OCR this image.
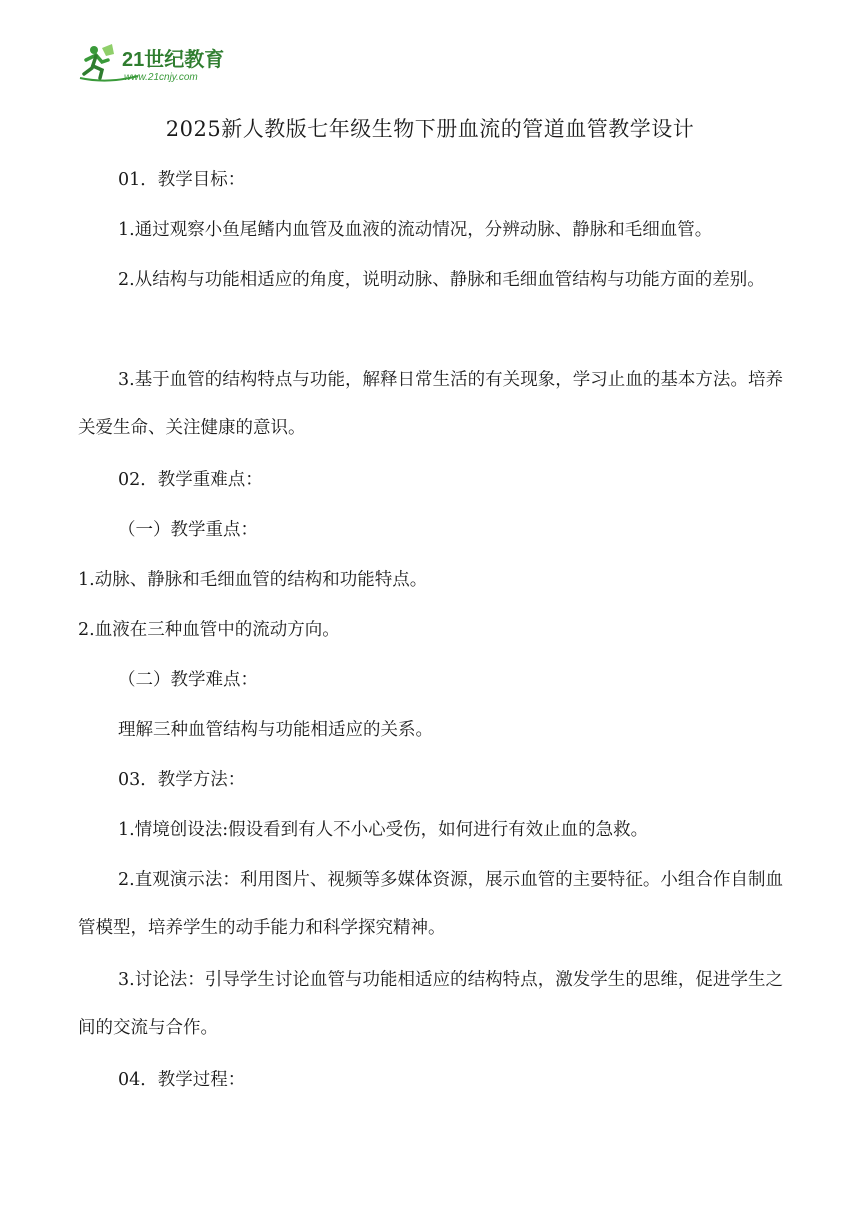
21世纪教育
www.21cnjy.com
2025新人教版七年级生物下册血流的管道血管教学设计

01．教学目标：

1.通过观察小鱼尾鳍内血管及血液的流动情况，分辨动脉、静脉和毛细血管。

2.从结构与功能相适应的角度，说明动脉、静脉和毛细血管结构与功能方面的差别。

3.基于血管的结构特点与功能，解释日常生活的有关现象，学习止血的基本方法。培养关爱生命、关注健康的意识。

02．教学重难点：

（一）教学重点：

1.动脉、静脉和毛细血管的结构和功能特点。

2.血液在三种血管中的流动方向。

（二）教学难点：

理解三种血管结构与功能相适应的关系。

03．教学方法：

1.情境创设法:假设看到有人不小心受伤，如何进行有效止血的急救。

2.直观演示法：利用图片、视频等多媒体资源，展示血管的主要特征。小组合作自制血管模型，培养学生的动手能力和科学探究精神。

3.讨论法：引导学生讨论血管与功能相适应的结构特点，激发学生的思维，促进学生之间的交流与合作。

04．教学过程：
